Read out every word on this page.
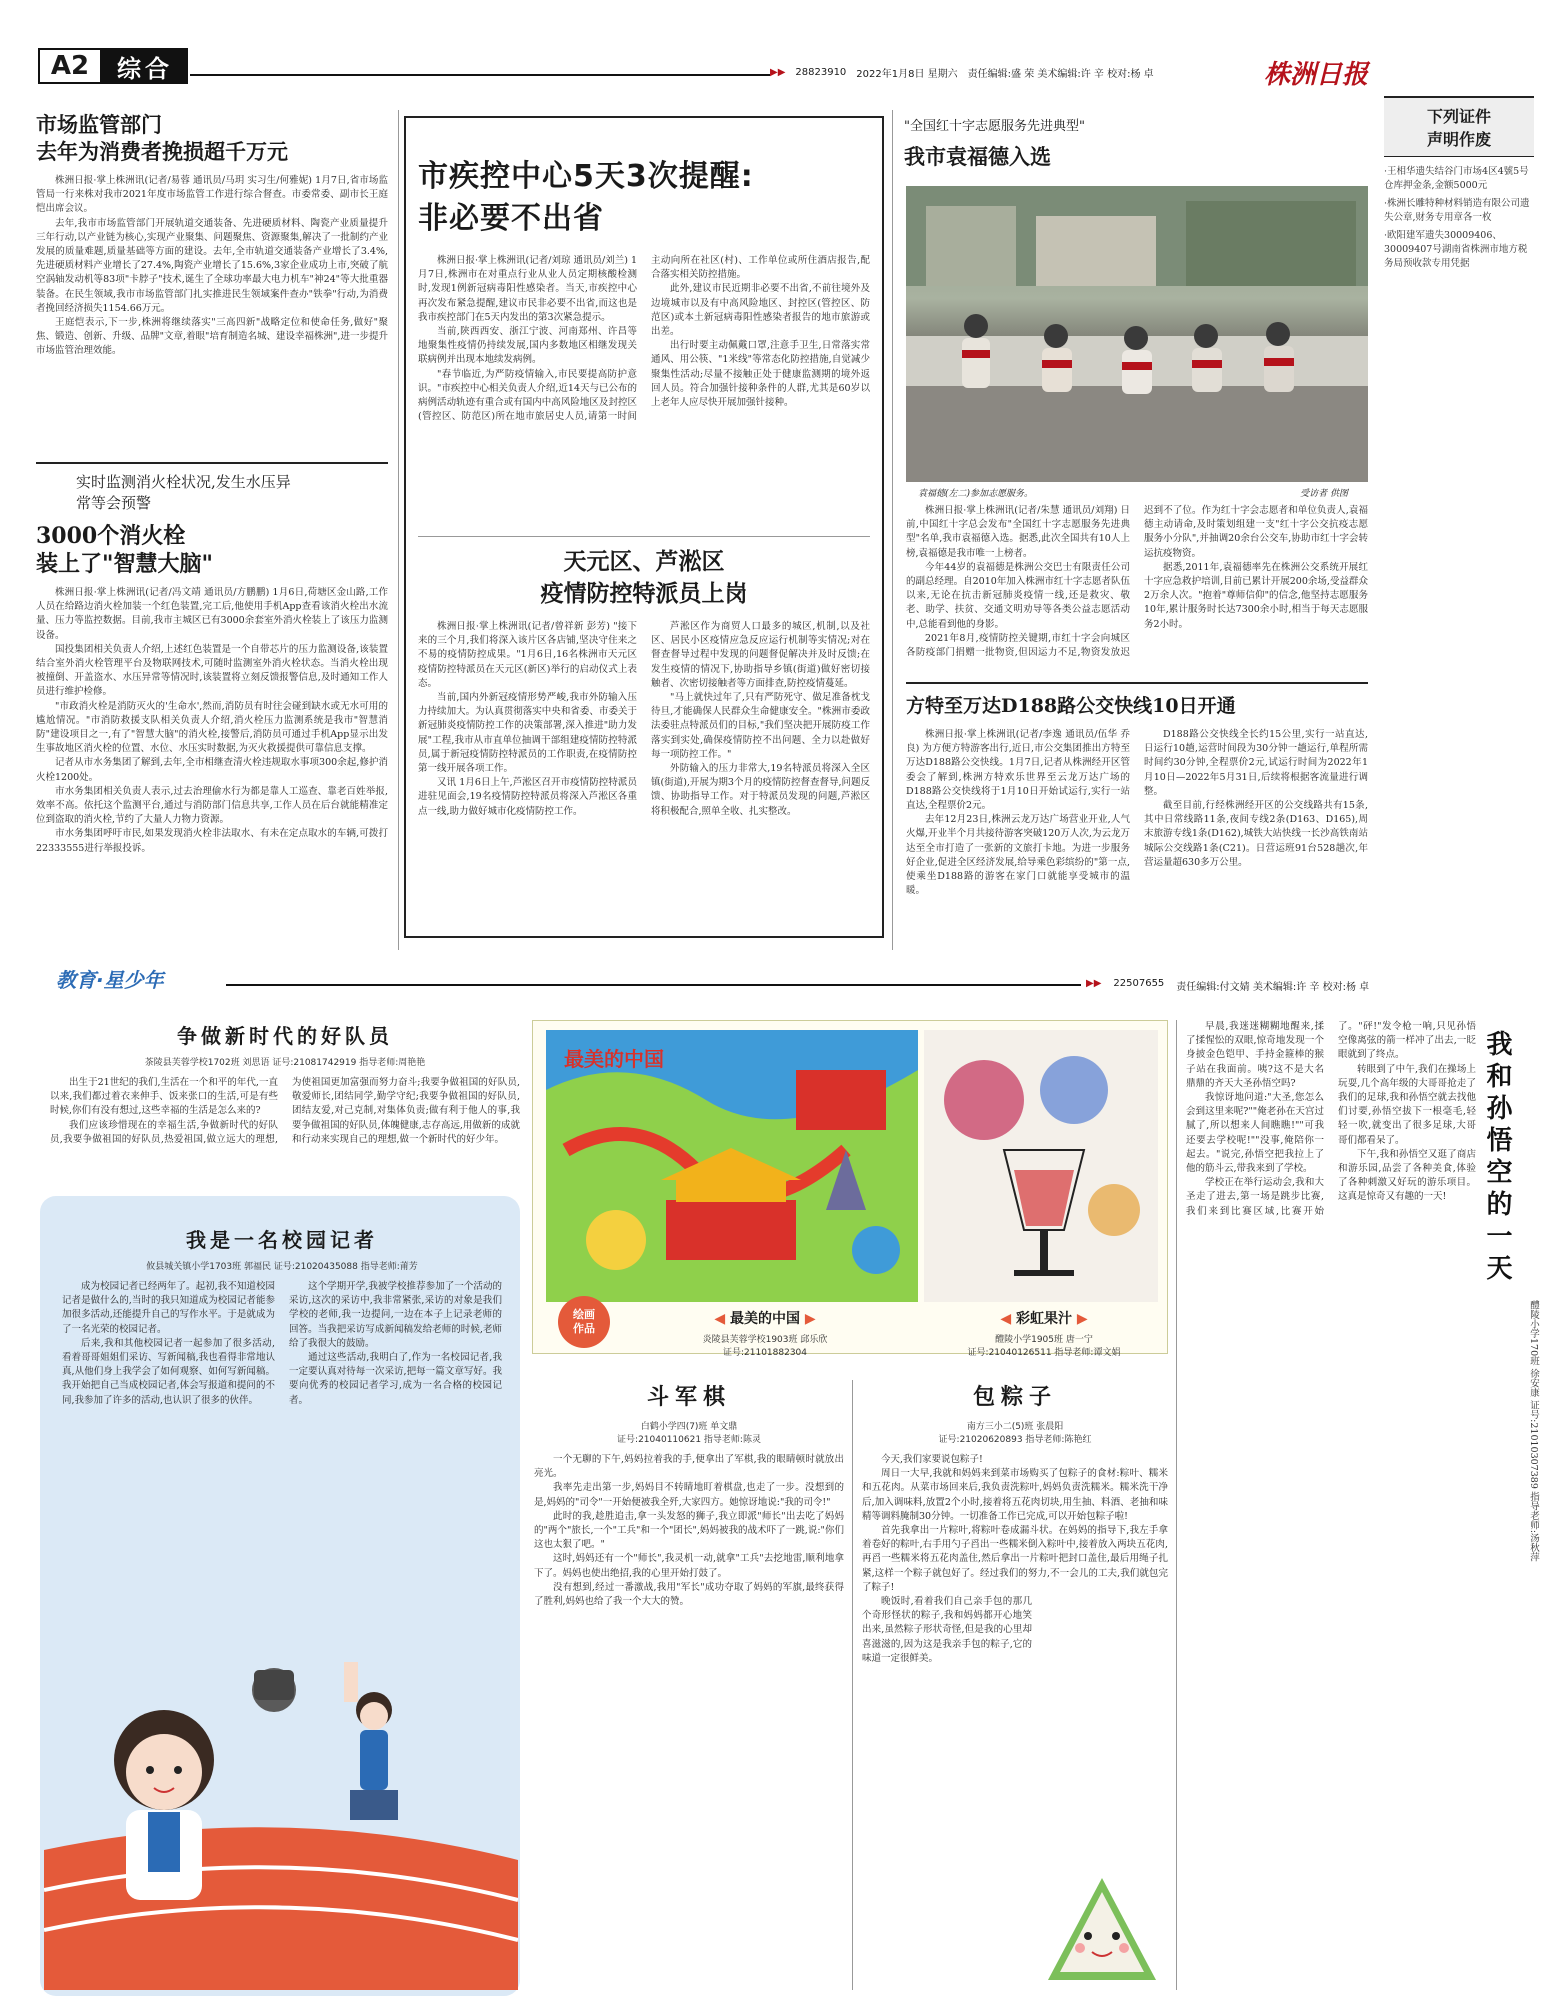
A2 综合	▶▶ 28823910 2022年1月8日 星期六 责任编辑:盛 荣 美术编辑:许 辛 校对:杨 卓	株洲日报
下列证件
声明作废
·王相华遗失结谷门市场4区4號5号仓库押金条,金额5000元
·株洲长雕特种材料销造有限公司遗失公章,财务专用章各一枚
·欧阳建军遗失30009406、30009407号湖南省株洲市地方税务局预收款专用凭据
市场监管部门
去年为消费者挽损超千万元

株洲日报·掌上株洲讯(记者/易蓉 通讯员/马玥 实习生/何雅妮) 1月7日,省市场监管局一行来株对我市2021年度市场监管工作进行综合督查。市委常委、副市长王庭恺出席会议。

去年,我市市场监管部门开展轨道交通装备、先进硬质材料、陶瓷产业质量提升三年行动,以产业链为核心,实现产业聚集、问题聚焦、资源聚集,解决了一批制约产业发展的质量难题,质量基础等方面的建设。去年,全市轨道交通装备产业增长了3.4%,先进硬质材料产业增长了27.4%,陶瓷产业增长了15.6%,3家企业成功上市,突破了航空涡轴发动机等83项"卡脖子"技术,诞生了全球功率最大电力机车"神24"等大批重器装备。在民生领域,我市市场监管部门扎实推进民生领域案件查办"铁拳"行动,为消费者挽回经济损失1154.66万元。

王庭恺表示,下一步,株洲将继续落实"三高四新"战略定位和使命任务,做好"聚焦、锻造、创新、升级、品牌"文章,着眼"培育制造名城、建设幸福株洲",进一步提升市场监管治理效能。

实时监测消火栓状况,发生水压异
常等会预警
3000个消火栓
装上了"智慧大脑"

株洲日报·掌上株洲讯(记者/冯文靖 通讯员/方鹏鹏) 1月6日,荷塘区金山路,工作人员在给路边消火栓加装一个红色装置,完工后,他使用手机App查看该消火栓出水流量、压力等监控数据。目前,我市主城区已有3000余套室外消火栓装上了该压力监测设备。

国投集团相关负责人介绍,上述红色装置是一个自带芯片的压力监测设备,该装置结合室外消火栓管理平台及物联网技术,可随时监测室外消火栓状态。当消火栓出现被撞倒、开盖盗水、水压异常等情况时,该装置将立刻反馈报警信息,及时通知工作人员进行维护检修。

"市政消火栓是消防灭火的'生命水',然而,消防员有时往会碰到缺水或无水可用的尴尬情况。"市消防救援支队相关负责人介绍,消火栓压力监测系统是我市"智慧消防"建设项目之一,有了"智慧大脑"的消火栓,接警后,消防员可通过手机App显示出发生事故地区消火栓的位置、水位、水压实时数据,为灭火救援提供可靠信息支撑。

记者从市水务集团了解到,去年,全市相继查清火栓违规取水事项300余起,修护消火栓1200处。

市水务集团相关负责人表示,过去治理偷水行为都是靠人工巡查、靠老百姓举报,效率不高。依托这个监测平台,通过与消防部门信息共享,工作人员在后台就能精准定位到盗取的消火栓,节约了大量人力物力资源。

市水务集团呼吁市民,如果发现消火栓非法取水、有未在定点取水的车辆,可拨打22333555进行举报投诉。

市疾控中心5天3次提醒:
非必要不出省

株洲日报·掌上株洲讯(记者/刘琼 通讯员/刘兰) 1月7日,株洲市在对重点行业从业人员定期核酸检测时,发现1例新冠病毒阳性感染者。当天,市疾控中心再次发布紧急提醒,建议市民非必要不出省,而这也是我市疾控部门在5天内发出的第3次紧急提示。

当前,陕西西安、浙江宁波、河南郑州、许昌等地聚集性疫情仍持续发展,国内多数地区相继发现关联病例并出现本地续发病例。

"春节临近,为严防疫情输入,市民要提高防护意识。"市疾控中心相关负责人介绍,近14天与已公布的病例活动轨迹有重合或有国内中高风险地区及封控区(管控区、防范区)所在地市旅居史人员,请第一时间主动向所在社区(村)、工作单位或所住酒店报告,配合落实相关防控措施。

此外,建议市民近期非必要不出省,不前往境外及边境城市以及有中高风险地区、封控区(管控区、防范区)或本土新冠病毒阳性感染者报告的地市旅游或出差。

出行时要主动佩戴口罩,注意手卫生,日常落实常通风、用公筷、"1米线"等常态化防控措施,自觉减少聚集性活动;尽量不接触正处于健康监测期的境外返回人员。符合加强针接种条件的人群,尤其是60岁以上老年人应尽快开展加强针接种。

天元区、芦淞区
疫情防控特派员上岗

株洲日报·掌上株洲讯(记者/曾祥新 彭芳) "接下来的三个月,我们将深入该片区各店铺,坚决守住来之不易的疫情防控成果。"1月6日,16名株洲市天元区疫情防控特派员在天元区(新区)举行的启动仪式上表态。

当前,国内外新冠疫情形势严峻,我市外防输入压力持续加大。为认真贯彻落实中央和省委、市委关于新冠肺炎疫情防控工作的决策部署,深入推进"助力发展"工程,我市从市直单位抽调干部组建疫情防控特派员,属于新冠疫情防控特派员的工作职责,在疫情防控第一线开展各项工作。

又讯 1月6日上午,芦淞区召开市疫情防控特派员进驻见面会,19名疫情防控特派员将深入芦淞区各重点一线,助力做好城市化疫情防控工作。

芦淞区作为商贸人口最多的城区,机制,以及社区、居民小区疫情应急反应运行机制等实情况;对在督查督导过程中发现的问题督促解决并及时反馈;在发生疫情的情况下,协助指导乡镇(街道)做好密切接触者、次密切接触者等方面排查,防控疫情蔓延。

"马上就快过年了,只有严防死守、做足准备枕戈待旦,才能确保人民群众生命健康安全。"株洲市委政法委驻点特派员们的目标,"我们坚决把开展防疫工作落实到实处,确保疫情防控不出问题、全力以赴做好每一项防控工作。"

外防输入的压力非常大,19名特派员将深入全区镇(街道),开展为期3个月的疫情防控督查督导,问题反馈、协助指导工作。对于特派员发现的问题,芦淞区将积极配合,照单全收、扎实整改。

"全国红十字志愿服务先进典型"
我市袁福德入选
袁福德(左二)参加志愿服务。	受访者 供图

株洲日报·掌上株洲讯(记者/朱慧 通讯员/刘翔) 日前,中国红十字总会发布"全国红十字志愿服务先进典型"名单,我市袁福德入选。据悉,此次全国共有10人上榜,袁福德是我市唯一上榜者。

今年44岁的袁福德是株洲公交巴士有限责任公司的副总经理。自2010年加入株洲市红十字志愿者队伍以来,无论在抗击新冠肺炎疫情一线,还是救灾、敬老、助学、扶贫、交通文明劝导等各类公益志愿活动中,总能看到他的身影。

2021年8月,疫情防控关键期,市红十字会向城区各防疫部门捐赠一批物资,但因运力不足,物资发放迟迟到不了位。作为红十字会志愿者和单位负责人,袁福德主动请命,及时策划组建一支"红十字公交抗疫志愿服务小分队",并抽调20余台公交车,协助市红十字会转运抗疫物资。

据悉,2011年,袁福德率先在株洲公交系统开展红十字应急救护培训,目前已累计开展200余场,受益群众2万余人次。"抱着"尊师信仰"的信念,他坚持志愿服务10年,累计服务时长达7300余小时,相当于每天志愿服务2小时。

方特至万达D188路公交快线10日开通

株洲日报·掌上株洲讯(记者/李逸 通讯员/伍华 乔良) 为方便方特游客出行,近日,市公交集团推出方特至万达D188路公交快线。1月7日,记者从株洲经开区管委会了解到,株洲方特欢乐世界至云龙万达广场的D188路公交快线将于1月10日开始试运行,实行一站直达,全程票价2元。

去年12月23日,株洲云龙万达广场营业开业,人气火爆,开业半个月共接待游客突破120万人次,为云龙万达至全市打造了一张新的文旅打卡地。为进一步服务好企业,促进全区经济发展,给导乘色彩缤纷的"第一点,使乘坐D188路的游客在家门口就能享受城市的温暖。

D188路公交快线全长约15公里,实行一站直达,日运行10趟,运营时间段为30分钟一趟运行,单程所需时间约30分钟,全程票价2元,试运行时间为2022年1月10日—2022年5月31日,后续将根据客流量进行调整。

截至目前,行经株洲经开区的公交线路共有15条,其中日常线路11条,夜间专线2条(D163、D165),周末旅游专线1条(D162),城铁大站快线一长沙高铁南站城际公交线路1条(C21)。日营运班91台528趟次,年营运量超630多万公里。

教育·星少年	▶▶ 22507655 责任编辑:付文婧 美术编辑:许 辛 校对:杨 卓
争做新时代的好队员
茶陵县芙蓉学校1702班 刘思语 证号:21081742919 指导老师:周艳艳

出生于21世纪的我们,生活在一个和平的年代,一直以来,我们都过着衣来伸手、饭来张口的生活,可是有些时候,你们有没有想过,这些幸福的生活是怎么来的?

我们应该珍惜现在的幸福生活,争做新时代的好队员,我要争做祖国的好队员,热爱祖国,做立远大的理想,为使祖国更加富强而努力奋斗;我要争做祖国的好队员,敬爱师长,团结同学,勤学守纪;我要争做祖国的好队员,团结友爱,对己克制,对集体负责;做有利于他人的事,我要争做祖国的好队员,体魄健康,志存高远,用做新的成就和行动来实现自己的理想,做一个新时代的好少年。

我是一名校园记者
攸县城关镇小学1703班 郭福民 证号:21020435088 指导老师:莆芳

成为校园记者已经两年了。起初,我不知道校园记者是做什么的,当时的我只知道成为校园记者能参加很多活动,还能提升自己的写作水平。于是就成为了一名光荣的校园记者。

后来,我和其他校园记者一起参加了很多活动,看着哥哥姐姐们采访、写新闻稿,我也看得非常地认真,从他们身上我学会了如何观察、如何写新闻稿。我开始把自己当成校园记者,体会写报道和提问的不同,我参加了许多的活动,也认识了很多的伙伴。

这个学期开学,我被学校推荐参加了一个活动的采访,这次的采访中,我非常紧张,采访的对象是我们学校的老师,我一边提问,一边在本子上记录老师的回答。当我把采访写成新闻稿发给老师的时候,老师给了我很大的鼓励。

通过这些活动,我明白了,作为一名校园记者,我一定要认真对待每一次采访,把每一篇文章写好。我要向优秀的校园记者学习,成为一名合格的校园记者。

最美的中国
绘画
作品
◀ 最美的中国 ▶
炎陵县芙蓉学校1903班 邱乐欣
证号:21101882304
◀ 彩虹果汁 ▶
醴陵小学1905班 唐一宁
证号:21040126511 指导老师:谭文娟
斗军棋
白鹤小学四(7)班 单文鼎
证号:21040110621 指导老师:陈灵

一个无聊的下午,妈妈拉着我的手,便拿出了军棋,我的眼睛顿时就放出亮光。

我率先走出第一步,妈妈目不转睛地盯着棋盘,也走了一步。没想到的是,妈妈的"司令"一开始便被我全歼,大家四方。她惊讶地说:"我的司令!"

此时的我,趁胜追击,拿一头发怒的狮子,我立即派"师长"出去吃了妈妈的"两个"旅长,一个"工兵"和一个"团长",妈妈被我的战术吓了一跳,说:"你们这也太狠了吧。"

这时,妈妈还有一个"师长",我灵机一动,就拿"工兵"去挖地雷,顺利地拿下了。妈妈也使出绝招,我的心里开始打鼓了。

没有想到,经过一番激战,我用"军长"成功夺取了妈妈的军旗,最终获得了胜利,妈妈也给了我一个大大的赞。

包粽子
南方三小二(5)班 张晨阳
证号:21020620893 指导老师:陈艳红

今天,我们家要说包粽子!

周日一大早,我就和妈妈来到菜市场购买了包粽子的食材:粽叶、糯米和五花肉。从菜市场回来后,我负责洗粽叶,妈妈负责洗糯米。糯米洗干净后,加入调味料,放置2个小时,接着将五花肉切块,用生抽、料酒、老抽和味精等调料腌制30分钟。一切准备工作已完成,可以开始包粽子啦!

首先我拿出一片粽叶,将粽叶卷成漏斗状。在妈妈的指导下,我左手拿着卷好的粽叶,右手用勺子舀出一些糯米倒入粽叶中,接着放入两块五花肉,再舀一些糯米将五花肉盖住,然后拿出一片粽叶把封口盖住,最后用绳子扎紧,这样一个粽子就包好了。经过我们的努力,不一会儿的工夫,我们就包完了粽子!

晚饭时,看着我们自己亲手包的那几个奇形怪状的粽子,我和妈妈都开心地笑出来,虽然粽子形状奇怪,但是我的心里却喜滋滋的,因为这是我亲手包的粽子,它的味道一定很鲜美。

早晨,我迷迷糊糊地醒来,揉了揉惺忪的双眼,惊奇地发现一个身披金色铠甲、手持金箍棒的猴子站在我面前。咦?这不是大名鼎鼎的齐天大圣孙悟空吗?

我惊讶地问道:"大圣,您怎么会到这里来呢?""俺老孙在天宫过腻了,所以想来人间瞧瞧!""可我还要去学校呢!""没事,俺陪你一起去。"说完,孙悟空把我拉上了他的筋斗云,带我来到了学校。

学校正在举行运动会,我和大圣走了进去,第一场是跳步比赛,我们来到比赛区域,比赛开始了。"砰!"发令枪一响,只见孙悟空像离弦的箭一样冲了出去,一眨眼就到了终点。

转眼到了中午,我们在操场上玩耍,几个高年级的大哥哥抢走了我们的足球,我和孙悟空就去找他们讨要,孙悟空拔下一根毫毛,轻轻一吹,就变出了很多足球,大哥哥们都看呆了。

下午,我和孙悟空又逛了商店和游乐园,品尝了各种美食,体验了各种刺激又好玩的游乐项目。这真是惊奇又有趣的一天!	我和孙悟空的一天
醴陵小学170班 徐安康 证号:21010307389 指导老师:汤秋萍
